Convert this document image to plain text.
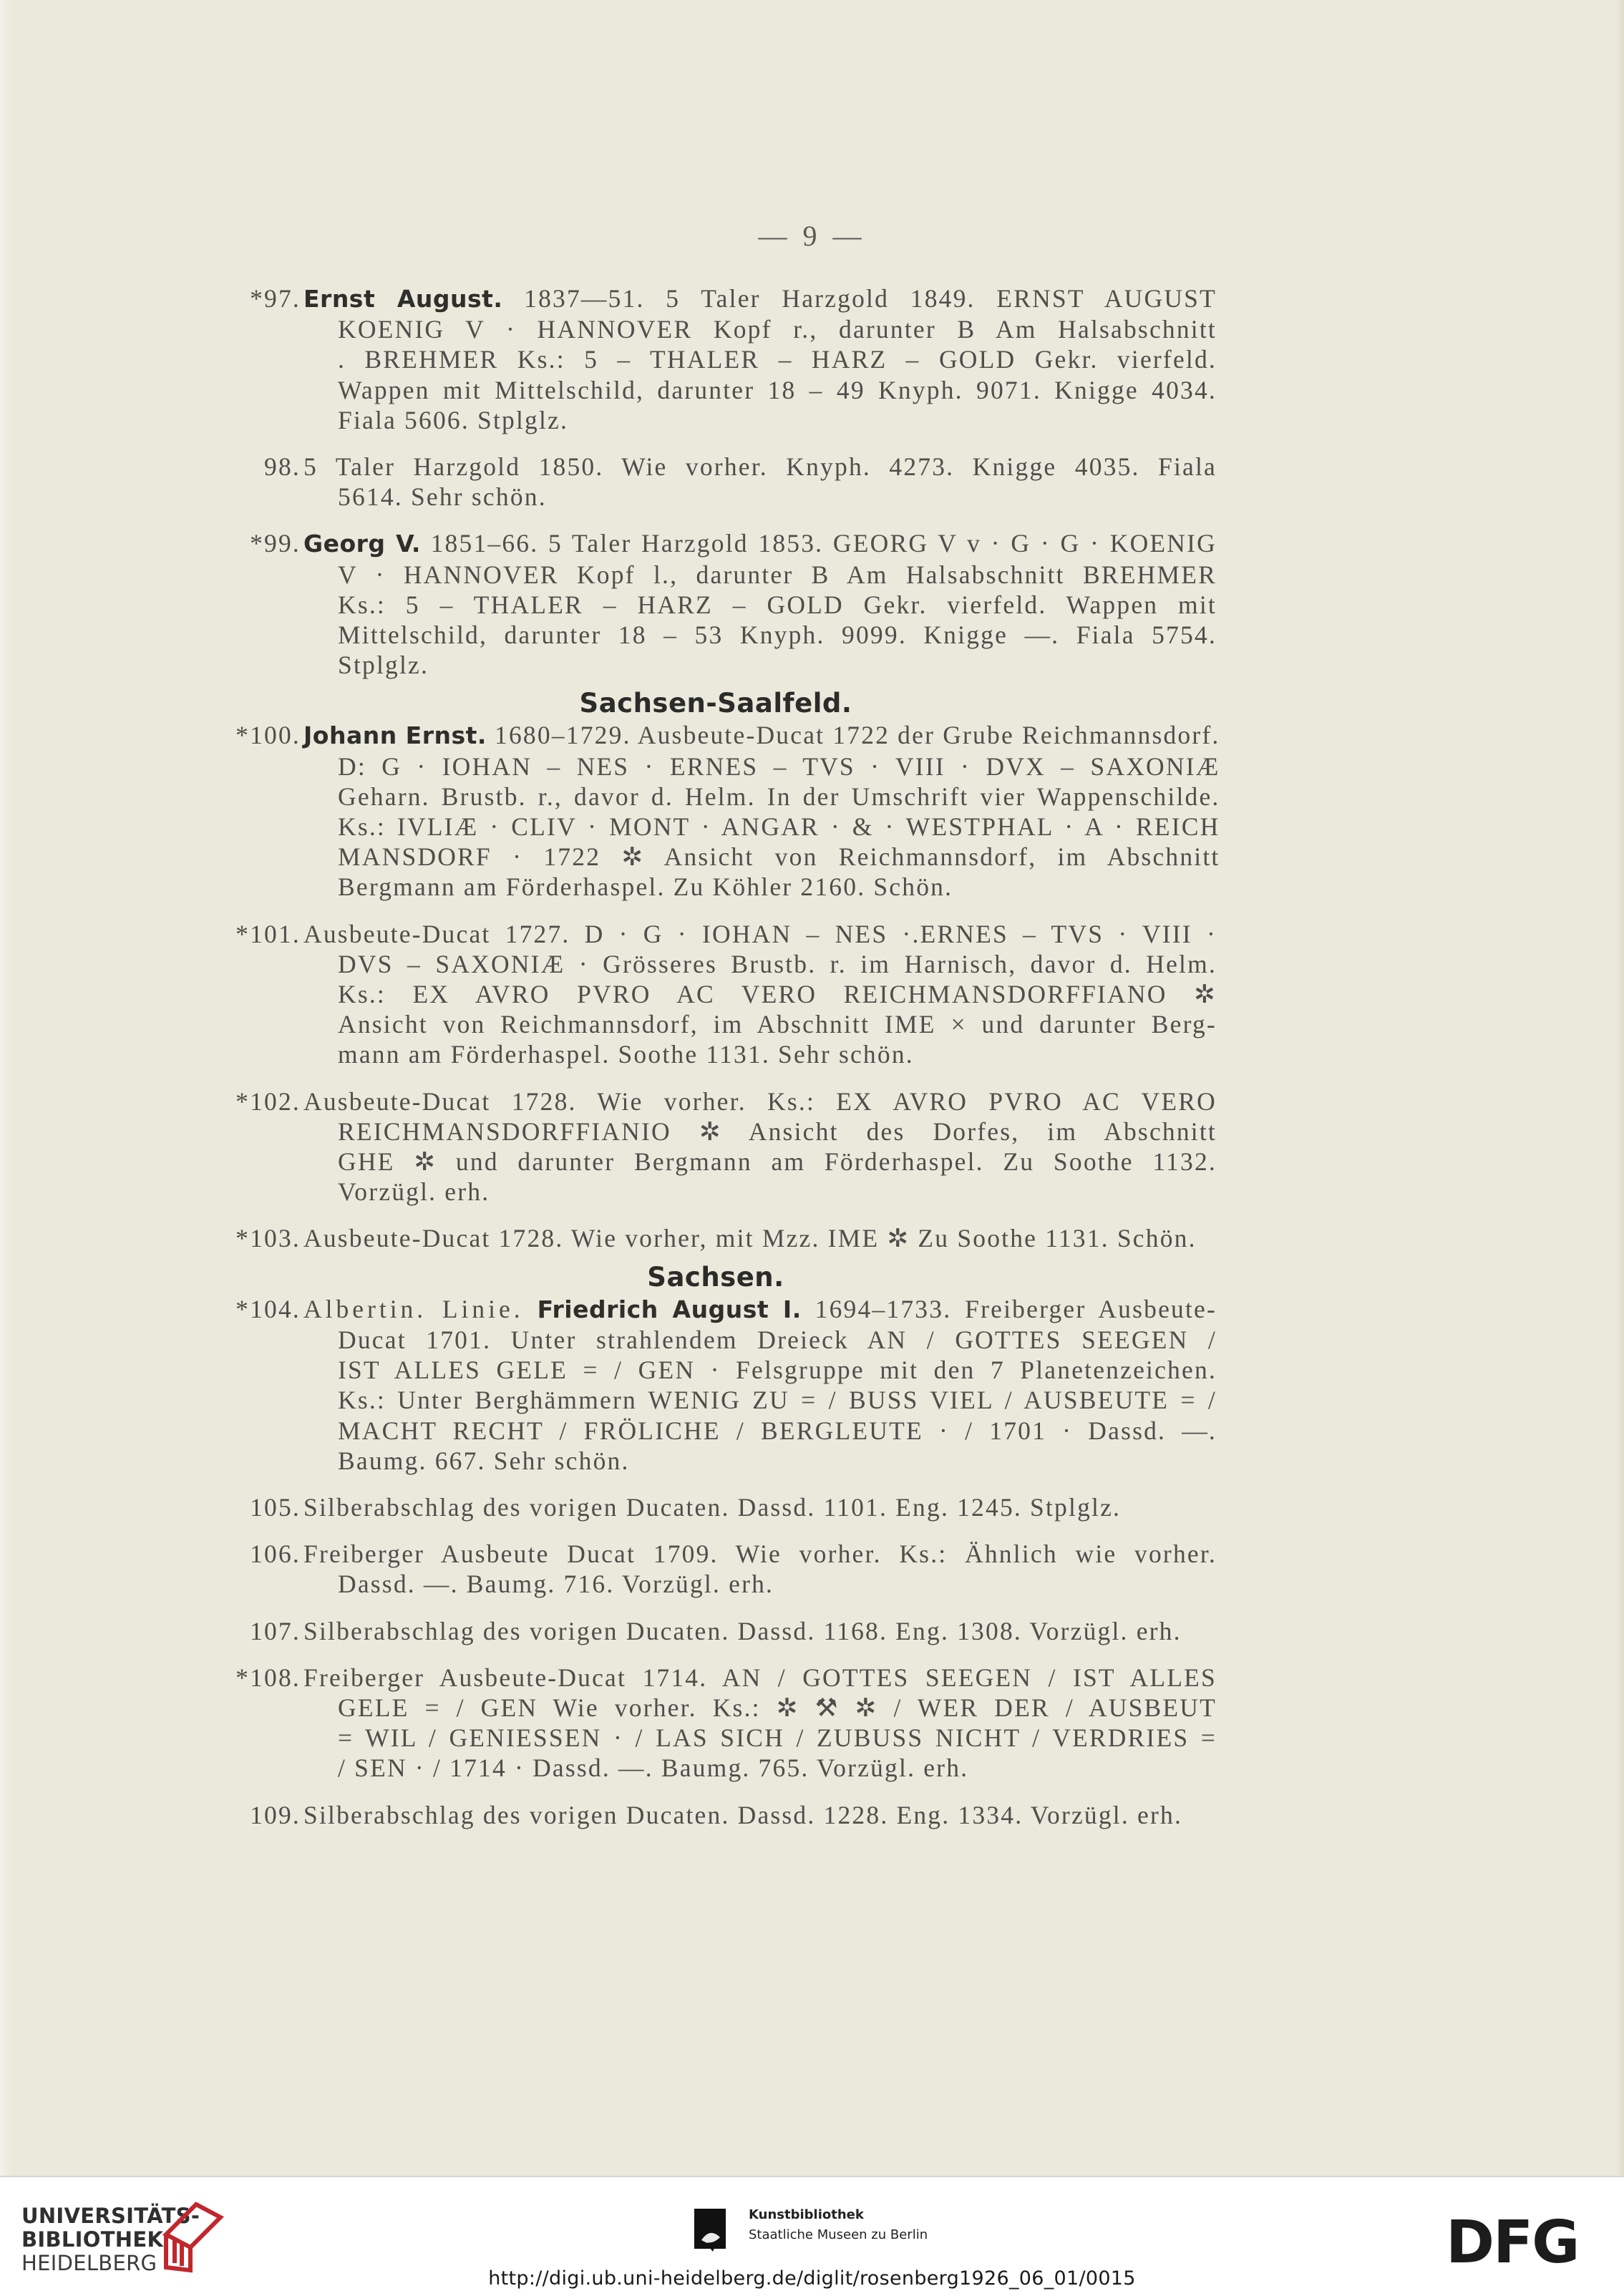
— 9 —
*97. Ernst August. 1837—51. 5 Taler Harzgold 1849. ERNST AUGUST
KOENIG V · HANNOVER Kopf r., darunter B Am Halsabschnitt
. BREHMER Ks.: 5 – THALER – HARZ – GOLD Gekr. vierfeld.
Wappen mit Mittelschild, darunter 18 – 49 Knyph. 9071. Knigge 4034.
Fiala 5606. Stplglz.
98. 5 Taler Harzgold 1850. Wie vorher. Knyph. 4273. Knigge 4035. Fiala
5614. Sehr schön.
*99. Georg V. 1851–66. 5 Taler Harzgold 1853. GEORG V v · G · G · KOENIG
V · HANNOVER Kopf l., darunter B Am Halsabschnitt BREHMER
Ks.: 5 – THALER – HARZ – GOLD Gekr. vierfeld. Wappen mit
Mittelschild, darunter 18 – 53 Knyph. 9099. Knigge —. Fiala 5754.
Stplglz.
Sachsen-Saalfeld.
*100. Johann Ernst. 1680–1729. Ausbeute-Ducat 1722 der Grube Reichmannsdorf.
D: G · IOHAN – NES · ERNES – TVS · VIII · DVX – SAXONIÆ
Geharn. Brustb. r., davor d. Helm. In der Umschrift vier Wappenschilde.
Ks.: IVLIÆ · CLIV · MONT · ANGAR · & · WESTPHAL · A · REICH
MANSDORF · 1722 ✲ Ansicht von Reichmannsdorf, im Abschnitt
Bergmann am Förderhaspel. Zu Köhler 2160. Schön.
*101. Ausbeute-Ducat 1727. D · G · IOHAN – NES ·.ERNES – TVS · VIII ·
DVS – SAXONIÆ · Grösseres Brustb. r. im Harnisch, davor d. Helm.
Ks.: EX AVRO PVRO AC VERO REICHMANSDORFFIANO ✲
Ansicht von Reichmannsdorf, im Abschnitt IME × und darunter Berg-
mann am Förderhaspel. Soothe 1131. Sehr schön.
*102. Ausbeute-Ducat 1728. Wie vorher. Ks.: EX AVRO PVRO AC VERO
REICHMANSDORFFIANIO ✲ Ansicht des Dorfes, im Abschnitt
GHE ✲ und darunter Bergmann am Förderhaspel. Zu Soothe 1132.
Vorzügl. erh.
*103. Ausbeute-Ducat 1728. Wie vorher, mit Mzz. IME ✲ Zu Soothe 1131. Schön.
Sachsen.
*104. Albertin. Linie. Friedrich August I. 1694–1733. Freiberger Ausbeute-
Ducat 1701. Unter strahlendem Dreieck AN / GOTTES SEEGEN /
IST ALLES GELE = / GEN · Felsgruppe mit den 7 Planetenzeichen.
Ks.: Unter Berghämmern WENIG ZU = / BUSS VIEL / AUSBEUTE = /
MACHT RECHT / FRÖLICHE / BERGLEUTE · / 1701 · Dassd. —.
Baumg. 667. Sehr schön.
105. Silberabschlag des vorigen Ducaten. Dassd. 1101. Eng. 1245. Stplglz.
106. Freiberger Ausbeute Ducat 1709. Wie vorher. Ks.: Ähnlich wie vorher.
Dassd. —. Baumg. 716. Vorzügl. erh.
107. Silberabschlag des vorigen Ducaten. Dassd. 1168. Eng. 1308. Vorzügl. erh.
*108. Freiberger Ausbeute-Ducat 1714. AN / GOTTES SEEGEN / IST ALLES
GELE = / GEN Wie vorher. Ks.: ✲ ⚒ ✲ / WER DER / AUSBEUT
= WIL / GENIESSEN · / LAS SICH / ZUBUSS NICHT / VERDRIES =
/ SEN · / 1714 · Dassd. —. Baumg. 765. Vorzügl. erh.
109. Silberabschlag des vorigen Ducaten. Dassd. 1228. Eng. 1334. Vorzügl. erh.
UNIVERSITÄTS-
BIBLIOTHEK
HEIDELBERG
Kunstbibliothek
Staatliche Museen zu Berlin	DFG
http://digi.ub.uni-heidelberg.de/diglit/rosenberg1926_06_01/0015
